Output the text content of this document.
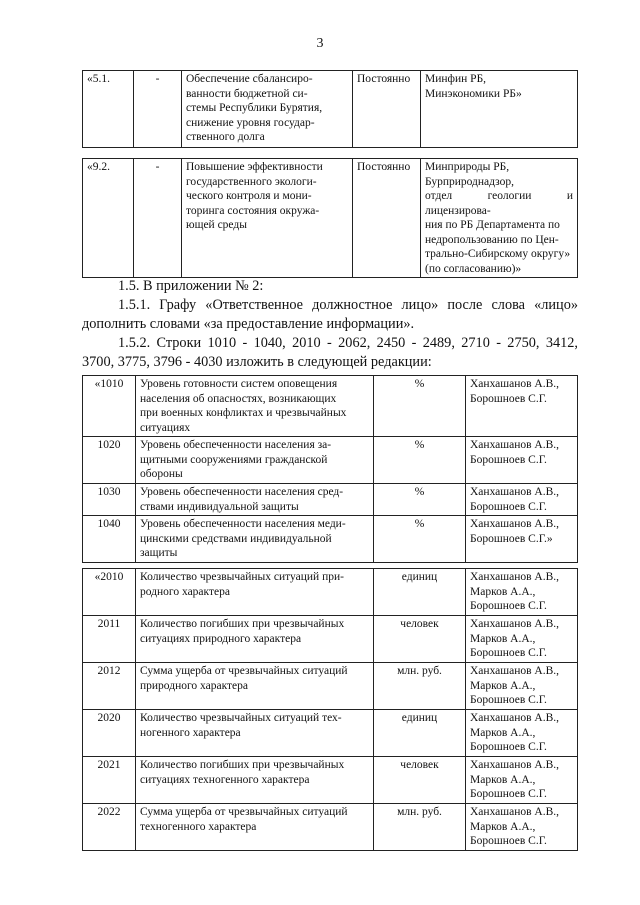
3
«5.1.	-	Обеспечение сбалансиро-
ванности бюджетной си-
стемы Республики Бурятия,
снижение уровня государ-
ственного долга	Постоянно	Минфин РБ,
Минэкономики РБ»
«9.2.	-	Повышение эффективности
государственного экологи-
ческого контроля и мони-
торинга состояния окружа-
ющей среды	Постоянно	Минприроды РБ,
Бурприроднадзор,
отдел геологии и лицензирова-
ния по РБ Департамента по
недропользованию по Цен-
трально-Сибирскому округу»
(по согласованию)»
1.5. В приложении № 2:
1.5.1. Графу «Ответственное должностное лицо» после слова «лицо»
дополнить словами «за предоставление информации».
1.5.2. Строки 1010 - 1040, 2010 - 2062, 2450 - 2489, 2710 - 2750, 3412,
3700, 3775, 3796 - 4030 изложить в следующей редакции:
«1010	Уровень готовности систем оповещения
населения об опасностях, возникающих
при военных конфликтах и чрезвычайных
ситуациях	%	Ханхашанов А.В.,
Борошноев С.Г.
1020	Уровень обеспеченности населения за-
щитными сооружениями гражданской
обороны	%	Ханхашанов А.В.,
Борошноев С.Г.
1030	Уровень обеспеченности населения сред-
ствами индивидуальной защиты	%	Ханхашанов А.В.,
Борошноев С.Г.
1040	Уровень обеспеченности населения меди-
цинскими средствами индивидуальной
защиты	%	Ханхашанов А.В.,
Борошноев С.Г.»
«2010	Количество чрезвычайных ситуаций при-
родного характера	единиц	Ханхашанов А.В.,
Марков А.А.,
Борошноев С.Г.
2011	Количество погибших при чрезвычайных
ситуациях природного характера	человек	Ханхашанов А.В.,
Марков А.А.,
Борошноев С.Г.
2012	Сумма ущерба от чрезвычайных ситуаций
природного характера	млн. руб.	Ханхашанов А.В.,
Марков А.А.,
Борошноев С.Г.
2020	Количество чрезвычайных ситуаций тех-
ногенного характера	единиц	Ханхашанов А.В.,
Марков А.А.,
Борошноев С.Г.
2021	Количество погибших при чрезвычайных
ситуациях техногенного характера	человек	Ханхашанов А.В.,
Марков А.А.,
Борошноев С.Г.
2022	Сумма ущерба от чрезвычайных ситуаций
техногенного характера	млн. руб.	Ханхашанов А.В.,
Марков А.А.,
Борошноев С.Г.
